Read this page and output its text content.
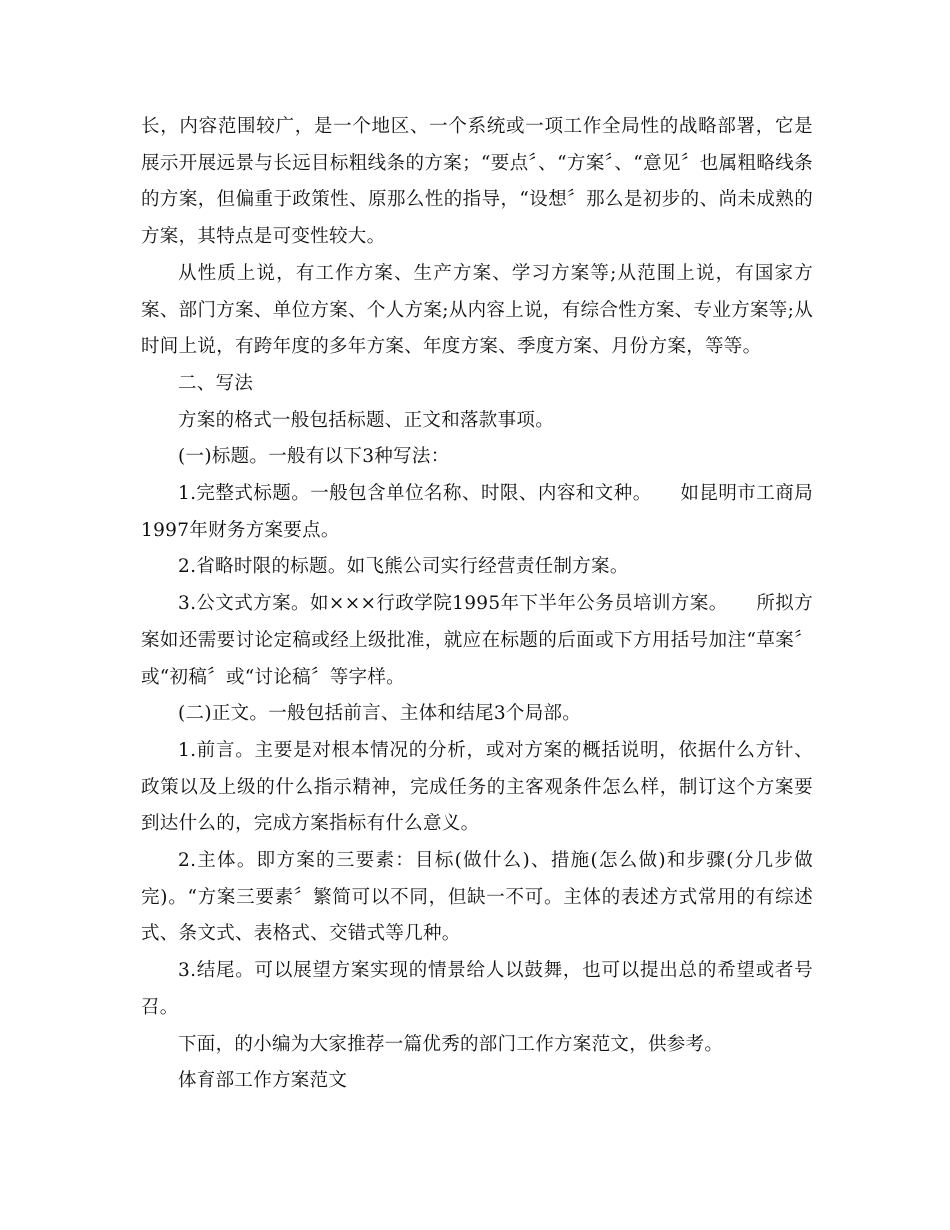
长，内容范围较广，是一个地区、一个系统或一项工作全局性的战略部署，它是展示开展远景与长远目标粗线条的方案；“要点〞、“方案〞、“意见〞也属粗略线条的方案，但偏重于政策性、原那么性的指导，“设想〞那么是初步的、尚未成熟的方案，其特点是可变性较大。

从性质上说，有工作方案、生产方案、学习方案等;从范围上说，有国家方案、部门方案、单位方案、个人方案;从内容上说，有综合性方案、专业方案等;从时间上说，有跨年度的多年方案、年度方案、季度方案、月份方案，等等。

二、写法

方案的格式一般包括标题、正文和落款事项。

(一)标题。一般有以下3种写法：

1.完整式标题。一般包含单位名称、时限、内容和文种。　　如昆明市工商局1997年财务方案要点。

2.省略时限的标题。如飞熊公司实行经营责任制方案。

3.公文式方案。如×××行政学院1995年下半年公务员培训方案。　　所拟方案如还需要讨论定稿或经上级批准，就应在标题的后面或下方用括号加注“草案〞或“初稿〞或“讨论稿〞等字样。

(二)正文。一般包括前言、主体和结尾3个局部。

1.前言。主要是对根本情况的分析，或对方案的概括说明，依据什么方针、政策以及上级的什么指示精神，完成任务的主客观条件怎么样，制订这个方案要到达什么的，完成方案指标有什么意义。

2.主体。即方案的三要素：目标(做什么)、措施(怎么做)和步骤(分几步做完)。“方案三要素〞繁简可以不同，但缺一不可。主体的表述方式常用的有综述式、条文式、表格式、交错式等几种。

3.结尾。可以展望方案实现的情景给人以鼓舞，也可以提出总的希望或者号召。

下面，的小编为大家推荐一篇优秀的部门工作方案范文，供参考。

体育部工作方案范文
